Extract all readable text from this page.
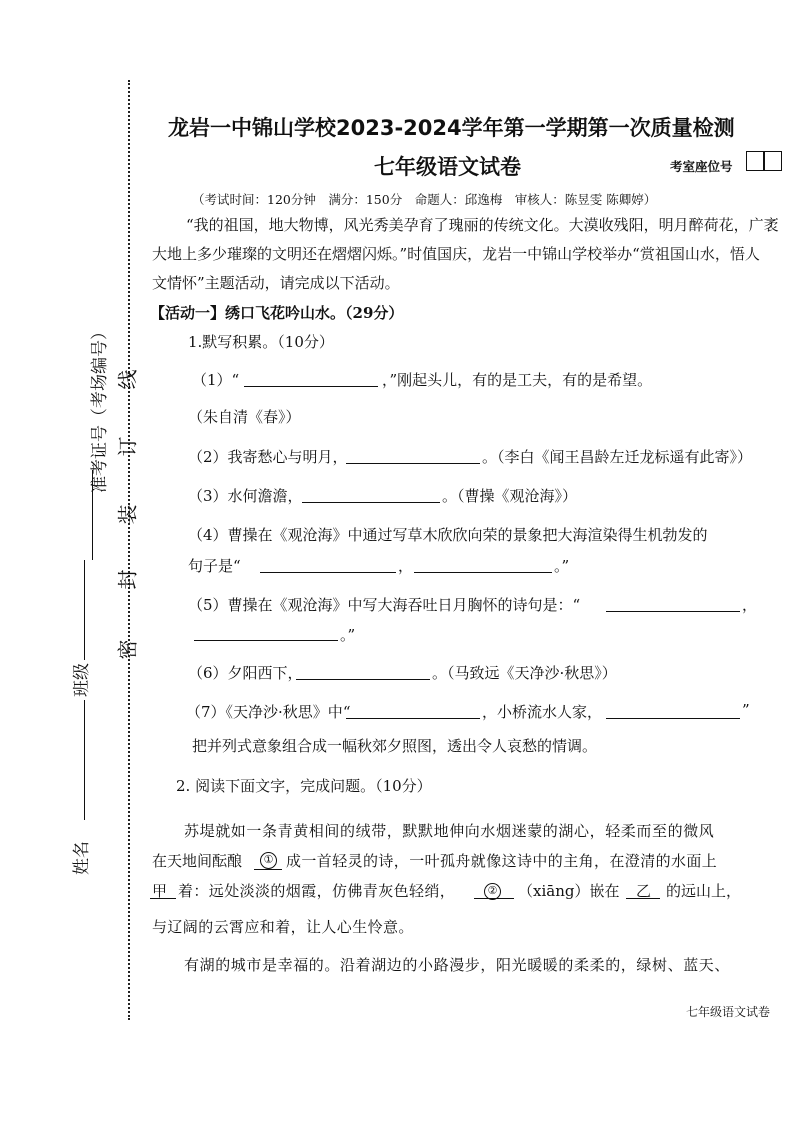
准考证号（考场编号）
班级
姓名
线
订
装
封
密
龙岩一中锦山学校2023-2024学年第一学期第一次质量检测
七年级语文试卷	考室座位号
（考试时间：120分钟　满分：150分　命题人：邱逸梅　审核人：陈昱雯 陈卿婷）
“我的祖国，地大物博，风光秀美孕育了瑰丽的传统文化。大漠收残阳，明月醉荷花，广袤
大地上多少璀璨的文明还在熠熠闪烁。”时值国庆，龙岩一中锦山学校举办“赏祖国山水，悟人
文情怀”主题活动，请完成以下活动。
【活动一】绣口飞花吟山水。（29分）
1.默写积累。（10分）
（1）“	，”刚起头儿，有的是工夫，有的是希望。
（朱自清《春》）
（2）我寄愁心与明月，	。（李白《闻王昌龄左迁龙标遥有此寄》）
（3）水何澹澹，	。（曹操《观沧海》）
（4）曹操在《观沧海》中通过写草木欣欣向荣的景象把大海渲染得生机勃发的
句子是“	，	。”
（5）曹操在《观沧海》中写大海吞吐日月胸怀的诗句是：“	，
。”
（6）夕阳西下，	。（马致远《天净沙·秋思》）
（7）《天净沙·秋思》中“	，小桥流水人家，	”
把并列式意象组合成一幅秋郊夕照图，透出令人哀愁的情调。
2. 阅读下面文字，完成问题。（10分）
苏堤就如一条青黄相间的绒带，默默地伸向水烟迷蒙的湖心，轻柔而至的微风
在天地间酝酿	① 成一首轻灵的诗，一叶孤舟就像这诗中的主角，在澄清的水面上
甲 着：远处淡淡的烟霞，仿佛青灰色轻绡，	② （xiāng）嵌在 乙 的远山上，
与辽阔的云霄应和着，让人心生怜意。
有湖的城市是幸福的。沿着湖边的小路漫步，阳光暖暖的柔柔的，绿树、蓝天、
七年级语文试卷
